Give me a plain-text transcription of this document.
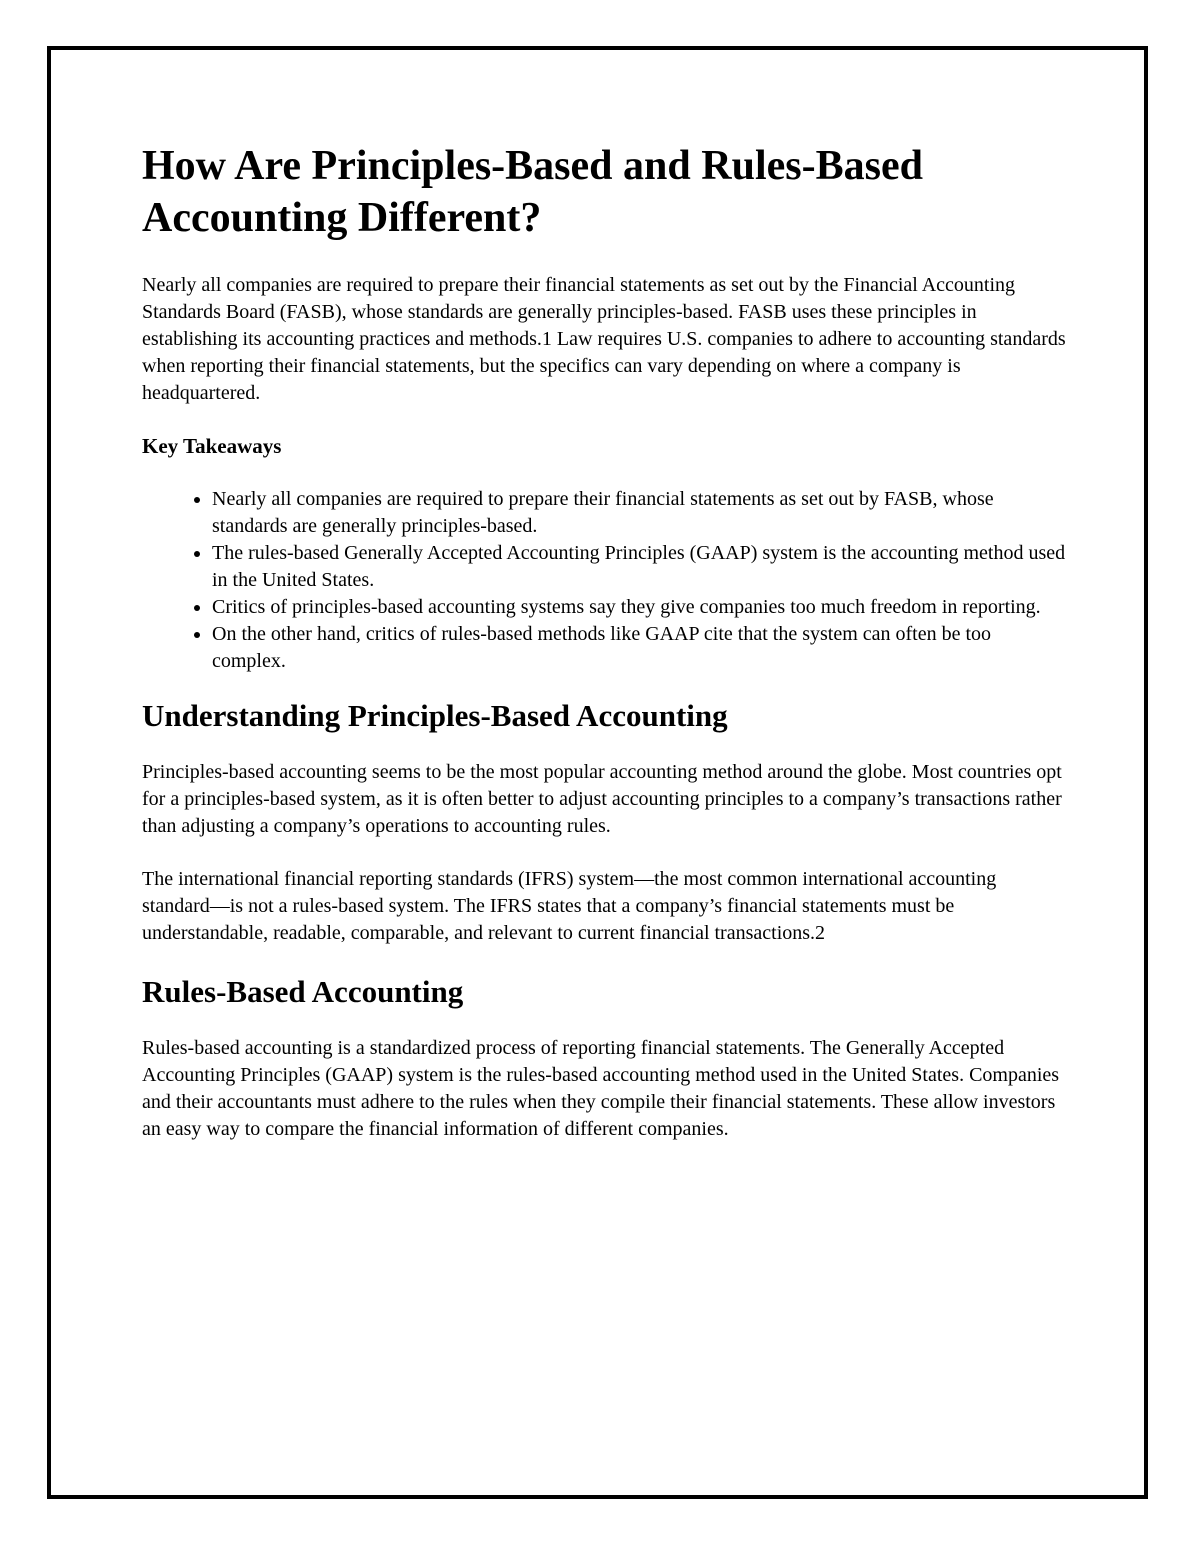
How Are Principles-Based and Rules-Based Accounting Different?

Nearly all companies are required to prepare their financial statements as set out by the Financial Accounting Standards Board (FASB), whose standards are generally principles-based. FASB uses these principles in establishing its accounting practices and methods.1 Law requires U.S. companies to adhere to accounting standards when reporting their financial statements, but the specifics can vary depending on where a company is headquartered.

Key Takeaways
• Nearly all companies are required to prepare their financial statements as set out by FASB, whose standards are generally principles-based.
• The rules-based Generally Accepted Accounting Principles (GAAP) system is the accounting method used in the United States.
• Critics of principles-based accounting systems say they give companies too much freedom in reporting.
• On the other hand, critics of rules-based methods like GAAP cite that the system can often be too complex.
Understanding Principles-Based Accounting

Principles-based accounting seems to be the most popular accounting method around the globe. Most countries opt for a principles-based system, as it is often better to adjust accounting principles to a company’s transactions rather than adjusting a company’s operations to accounting rules.

The international financial reporting standards (IFRS) system—the most common international accounting standard—is not a rules-based system. The IFRS states that a company’s financial statements must be understandable, readable, comparable, and relevant to current financial transactions.2

Rules-Based Accounting

Rules-based accounting is a standardized process of reporting financial statements. The Generally Accepted Accounting Principles (GAAP) system is the rules-based accounting method used in the United States. Companies and their accountants must adhere to the rules when they compile their financial statements. These allow investors an easy way to compare the financial information of different companies.
